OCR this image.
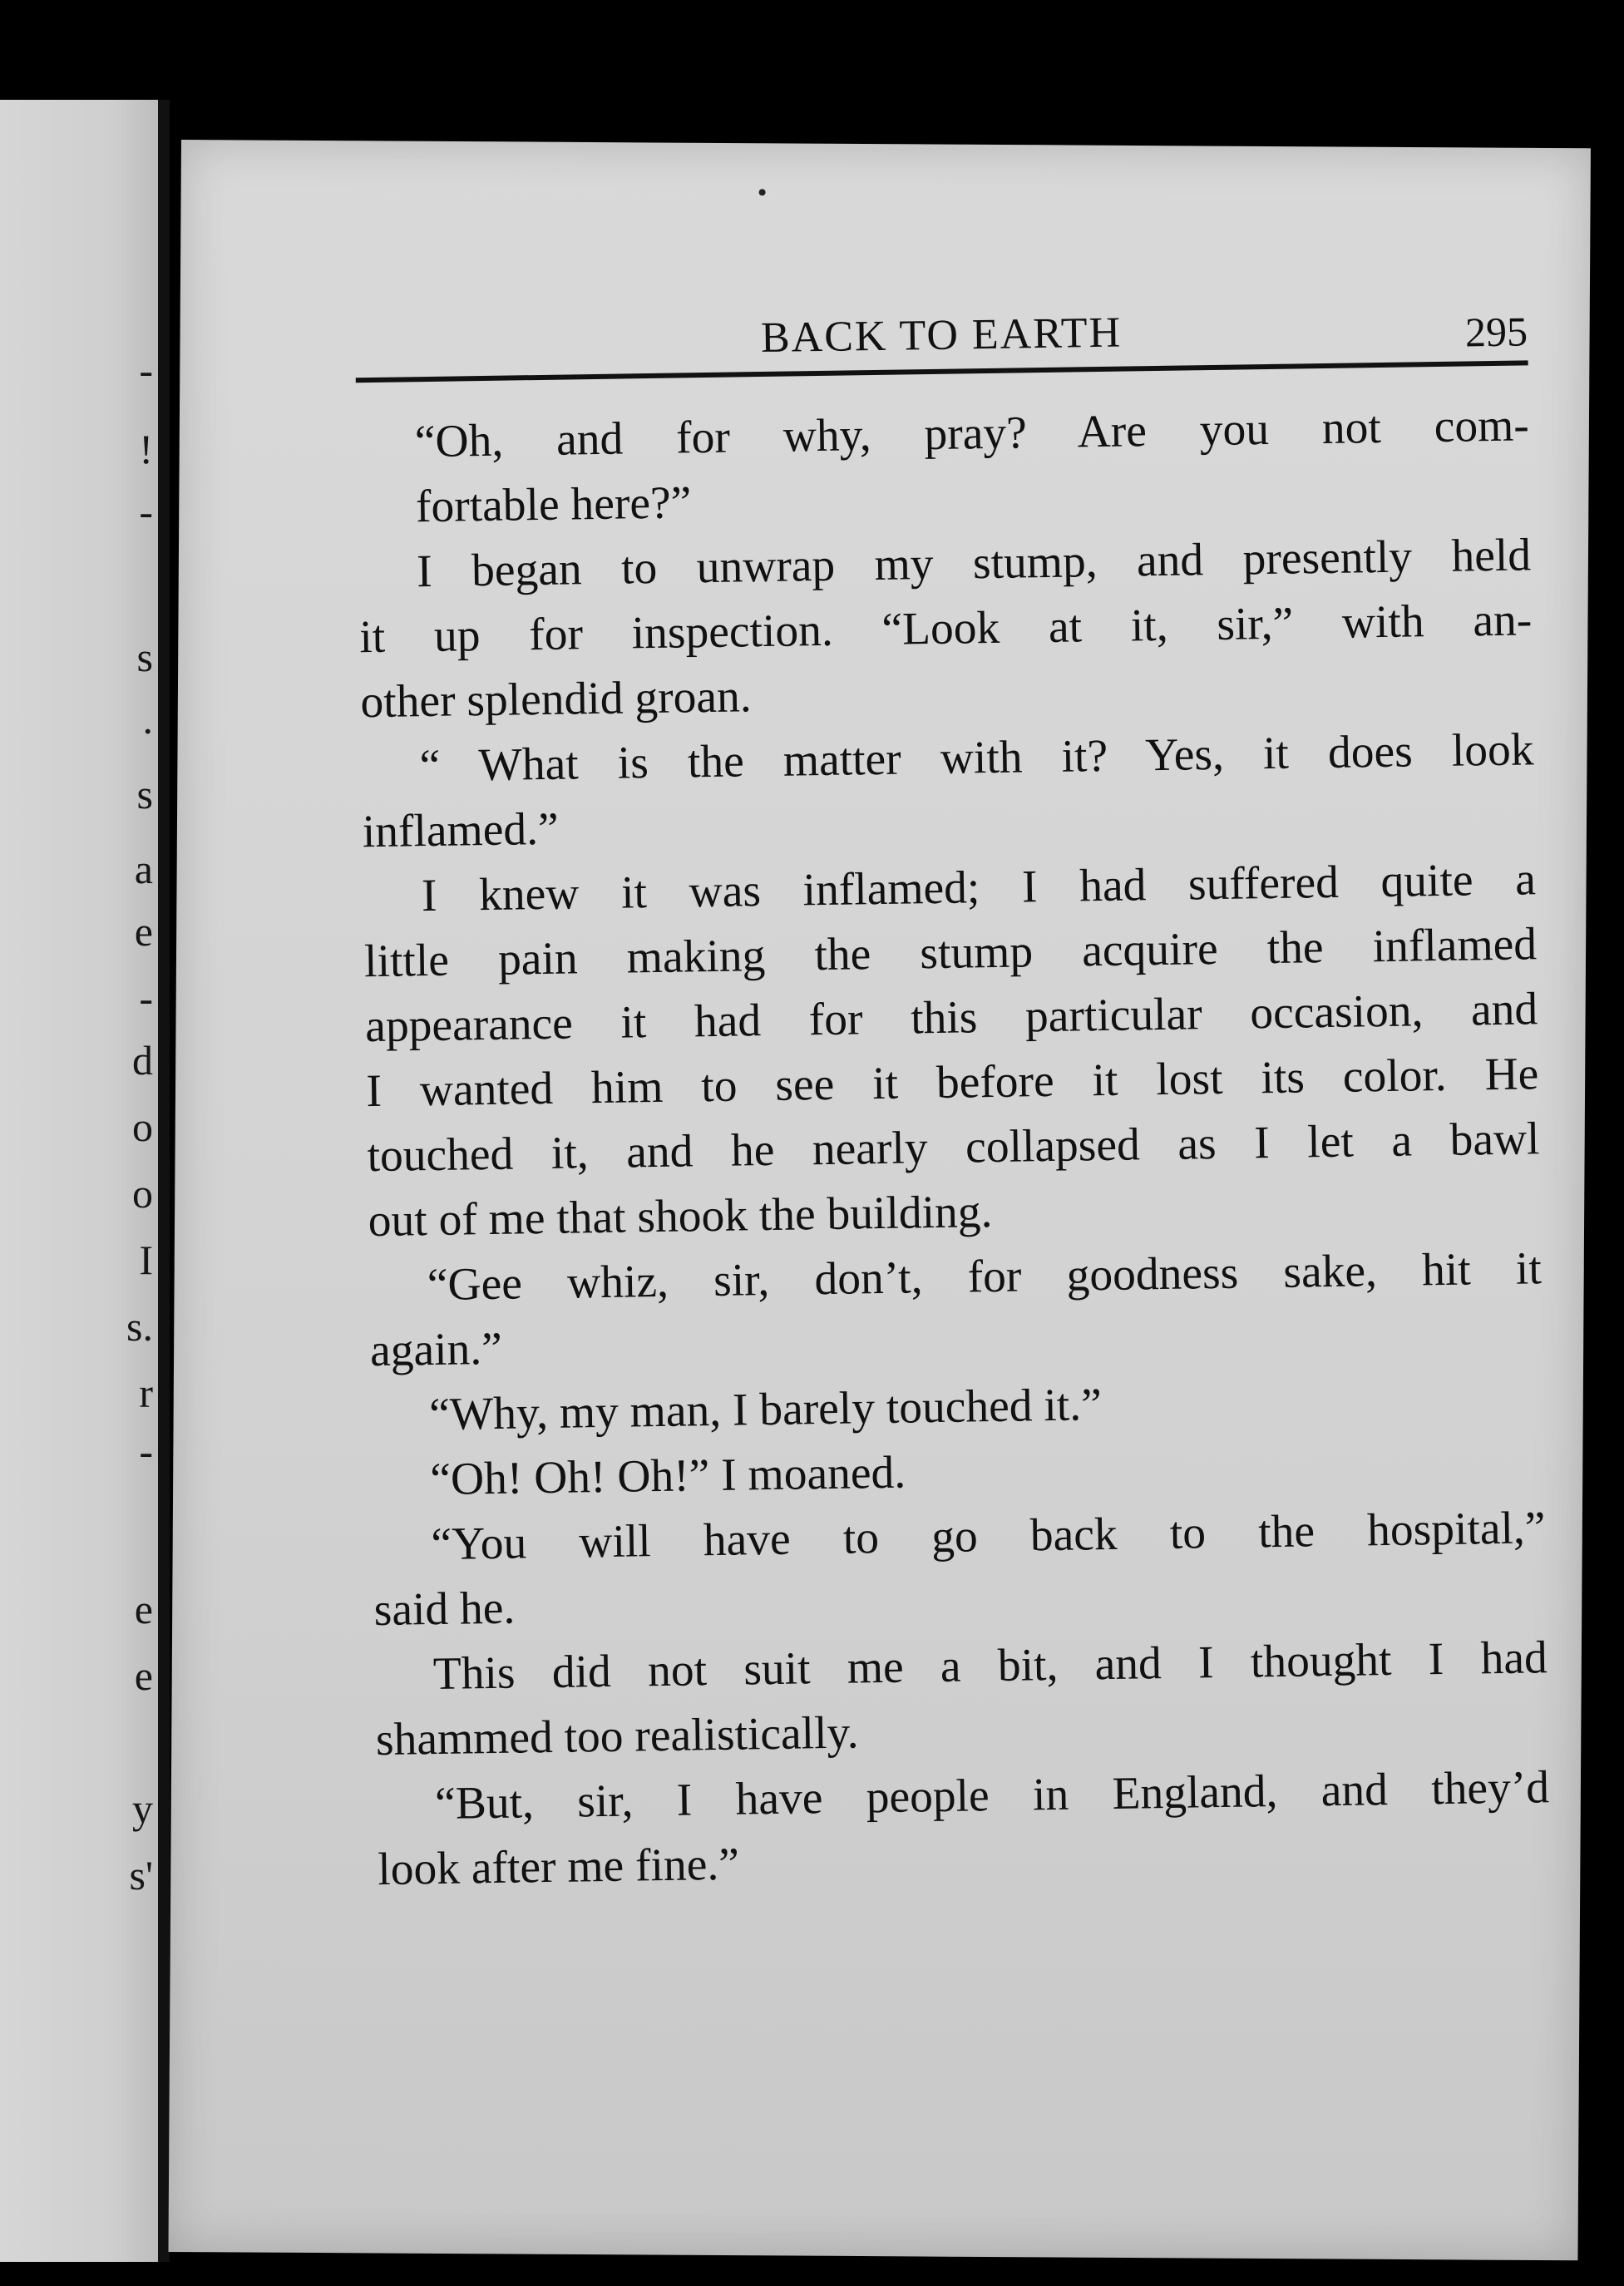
-
!
-
s
.
s
a
e
-
d
o
o
I
s.
r
-
e
e
y
s'
BACK TO EARTH	295

“Oh, and for why, pray? Are you not com-
fortable here?”

I began to unwrap my stump, and presently held
it up for inspection. “Look at it, sir,” with an-
other splendid groan.

“ What is the matter with it? Yes, it does look
inflamed.”

I knew it was inflamed; I had suffered quite a
little pain making the stump acquire the inflamed
appearance it had for this particular occasion, and
I wanted him to see it before it lost its color. He
touched it, and he nearly collapsed as I let a bawl
out of me that shook the building.

“Gee whiz, sir, don’t, for goodness sake, hit it
again.”

“Why, my man, I barely touched it.”

“Oh! Oh! Oh!” I moaned.

“You will have to go back to the hospital,”
said he.

This did not suit me a bit, and I thought I had
shammed too realistically.

“But, sir, I have people in England, and they’d
look after me fine.”
